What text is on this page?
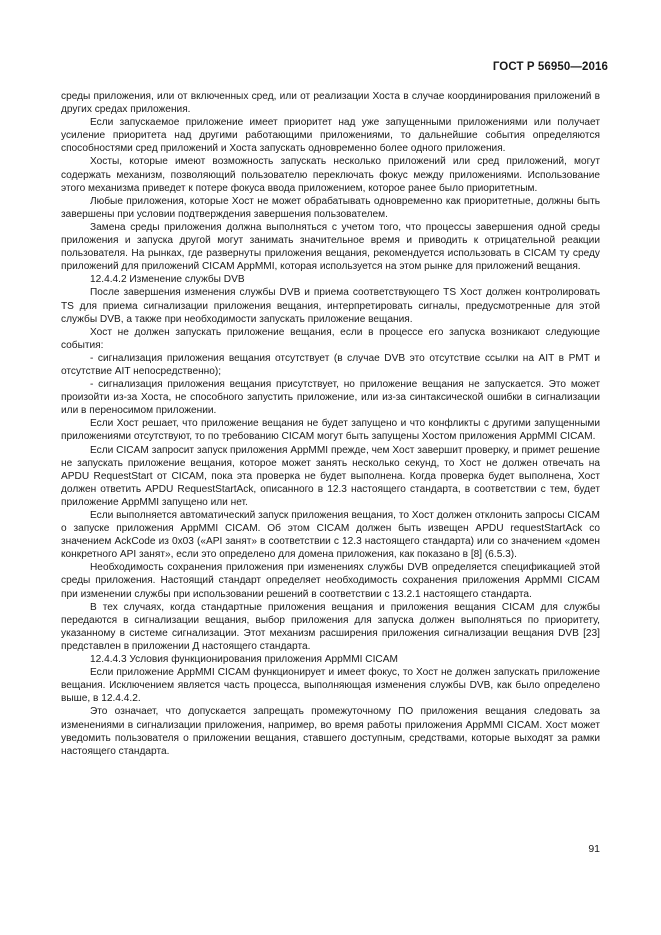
ГОСТ Р 56950—2016

среды приложения, или от включенных сред, или от реализации Хоста в случае координирования приложений в других средах приложения.

Если запускаемое приложение имеет приоритет над уже запущенными приложениями или получает усиление приоритета над другими работающими приложениями, то дальнейшие события определяются способностями сред приложений и Хоста запускать одновременно более одного приложения.

Хосты, которые имеют возможность запускать несколько приложений или сред приложений, могут содержать механизм, позволяющий пользователю переключать фокус между приложениями. Использование этого механизма приведет к потере фокуса ввода приложением, которое ранее было приоритетным.

Любые приложения, которые Хост не может обрабатывать одновременно как приоритетные, должны быть завершены при условии подтверждения завершения пользователем.

Замена среды приложения должна выполняться с учетом того, что процессы завершения одной среды приложения и запуска другой могут занимать значительное время и приводить к отрицательной реакции пользователя. На рынках, где развернуты приложения вещания, рекомендуется использовать в CICAM ту среду приложений для приложений CICAM AppMMI, которая используется на этом рынке для приложений вещания.

12.4.4.2 Изменение службы DVB

После завершения изменения службы DVB и приема соответствующего TS Хост должен контролировать TS для приема сигнализации приложения вещания, интерпретировать сигналы, предусмотренные для этой службы DVB, а также при необходимости запускать приложение вещания.

Хост не должен запускать приложение вещания, если в процессе его запуска возникают следующие события:

- сигнализация приложения вещания отсутствует (в случае DVB это отсутствие ссылки на AIT в PMT и отсутствие AIT непосредственно);

- сигнализация приложения вещания присутствует, но приложение вещания не запускается. Это может произойти из-за Хоста, не способного запустить приложение, или из-за синтаксической ошибки в сигнализации или в переносимом приложении.

Если Хост решает, что приложение вещания не будет запущено и что конфликты с другими запущенными приложениями отсутствуют, то по требованию CICAM могут быть запущены Хостом приложения AppMMI CICAM.

Если CICAM запросит запуск приложения AppMMI прежде, чем Хост завершит проверку, и примет решение не запускать приложение вещания, которое может занять несколько секунд, то Хост не должен отвечать на APDU RequestStart от CICAM, пока эта проверка не будет выполнена. Когда проверка будет выполнена, Хост должен ответить APDU RequestStartAck, описанного в 12.3 настоящего стандарта, в соответствии с тем, будет приложение AppMMI запущено или нет.

Если выполняется автоматический запуск приложения вещания, то Хост должен отклонить запросы CICAM о запуске приложения AppMMI CICAM. Об этом CICAM должен быть извещен APDU requestStartAck со значением AckCode из 0x03 («API занят» в соответствии с 12.3 настоящего стандарта) или со значением «домен конкретного API занят», если это определено для домена приложения, как показано в [8] (6.5.3).

Необходимость сохранения приложения при изменениях службы DVB определяется спецификацией этой среды приложения. Настоящий стандарт определяет необходимость сохранения приложения AppMMI CICAM при изменении службы при использовании решений в соответствии с 13.2.1 настоящего стандарта.

В тех случаях, когда стандартные приложения вещания и приложения вещания CICAM для службы передаются в сигнализации вещания, выбор приложения для запуска должен выполняться по приоритету, указанному в системе сигнализации. Этот механизм расширения приложения сигнализации вещания DVB [23] представлен в приложении Д настоящего стандарта.

12.4.4.3 Условия функционирования приложения AppMMI CICAM

Если приложение AppMMI CICAM функционирует и имеет фокус, то Хост не должен запускать приложение вещания. Исключением является часть процесса, выполняющая изменения службы DVB, как было определено выше, в 12.4.4.2.

Это означает, что допускается запрещать промежуточному ПО приложения вещания следовать за изменениями в сигнализации приложения, например, во время работы приложения AppMMI CICAM. Хост может уведомить пользователя о приложении вещания, ставшего доступным, средствами, которые выходят за рамки настоящего стандарта.

91
